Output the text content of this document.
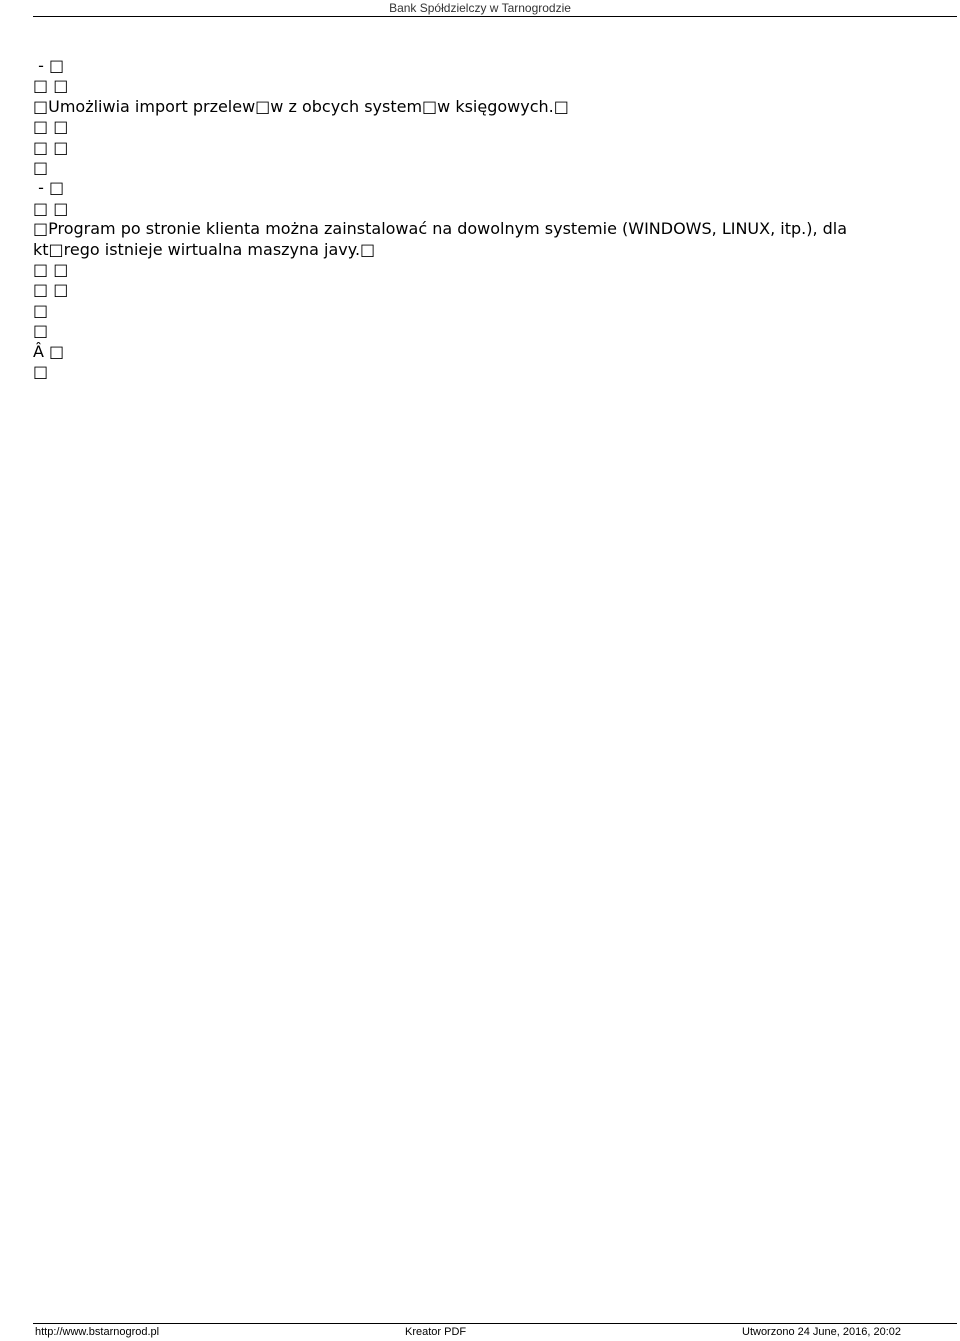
Bank Spółdzielczy w Tarnogrodzie
- □
□ □
□Umożliwia import przelew□w z obcych system□w księgowych.□
□ □
□ □
□
- □
□ □
□Program po stronie klienta można zainstalować na dowolnym systemie (WINDOWS, LINUX, itp.), dla kt□rego istnieje wirtualna maszyna javy.□
□ □
□ □
□
□
Â □
□
http://www.bstarnogrod.pl	Kreator PDF	Utworzono 24 June, 2016, 20:02
